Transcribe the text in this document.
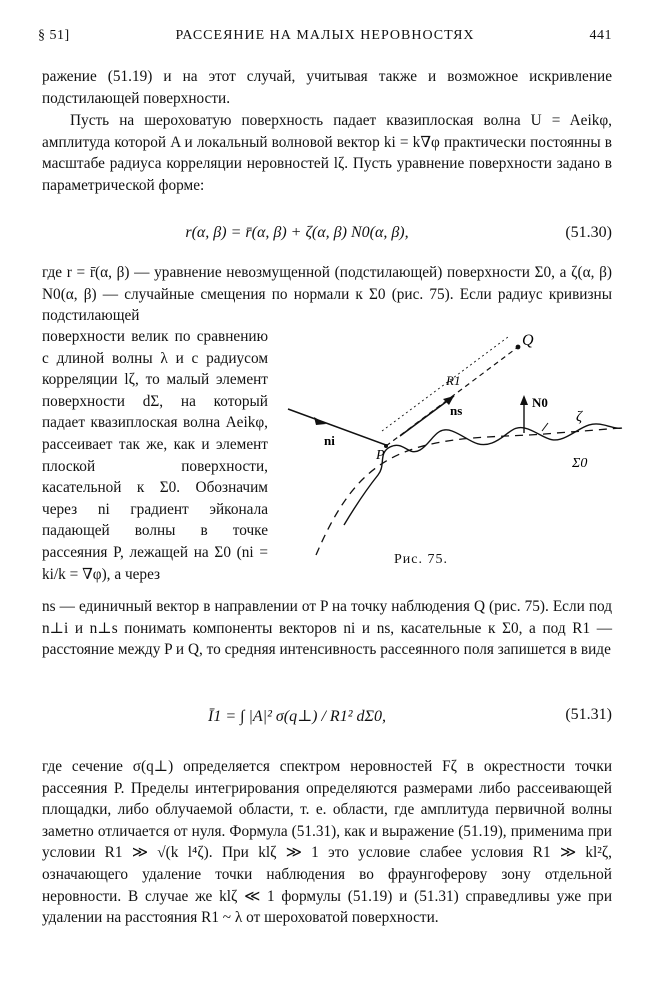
§ 51]	РАССЕЯНИЕ НА МАЛЫХ НЕРОВНОСТЯХ	441
ражение (51.19) и на этот случай, учитывая также и возможное искривление подстилающей поверхности.
Пусть на шероховатую поверхность падает квазиплоская волна U = Aeikφ, амплитуда которой A и локальный волновой вектор ki = k∇φ практически постоянны в масштабе радиуса корреляции неровностей lζ. Пусть уравнение поверхности задано в параметрической форме:
r(α, β) = r̄(α, β) + ζ(α, β) N0(α, β),	(51.30)
где r = r̄(α, β) — уравнение невозмущенной (подстилающей) поверхности Σ0, а ζ(α, β) N0(α, β) — случайные смещения по нормали к Σ0 (рис. 75). Если радиус кривизны подстилающей
поверхности велик по сравнению с длиной волны λ и с радиусом корреляции lζ, то малый элемент поверхности dΣ, на который падает квазиплоская волна Aeikφ, рассеивает так же, как и элемент плоской поверхности, касательной к Σ0. Обозначим через ni градиент эйконала падающей волны в точке рассеяния P, лежащей на Σ0 (ni = ki/k = ∇φ), а через
Q
R1
ns
N0
ni
P
ζ
Σ0
Рис. 75.
ns — единичный вектор в направлении от P на точку наблюдения Q (рис. 75). Если под n⊥i и n⊥s понимать компоненты векторов ni и ns, касательные к Σ0, а под R1 — расстояние между P и Q, то средняя интенсивность рассеянного поля запишется в виде
Ī1 = ∫ |A|² σ(q⊥) / R1² dΣ0,	(51.31)
где сечение σ(q⊥) определяется спектром неровностей Fζ в окрестности точки рассеяния P. Пределы интегрирования определяются размерами либо рассеивающей площадки, либо облучаемой области, т. е. области, где амплитуда первичной волны заметно отличается от нуля. Формула (51.31), как и выражение (51.19), применима при условии R1 ≫ √(k l⁴ζ). При klζ ≫ 1 это условие слабее условия R1 ≫ kl²ζ, означающего удаление точки наблюдения во фраунгоферову зону отдельной неровности. В случае же klζ ≪ 1 формулы (51.19) и (51.31) справедливы уже при удалении на расстояния R1 ~ λ от шероховатой поверхности.
